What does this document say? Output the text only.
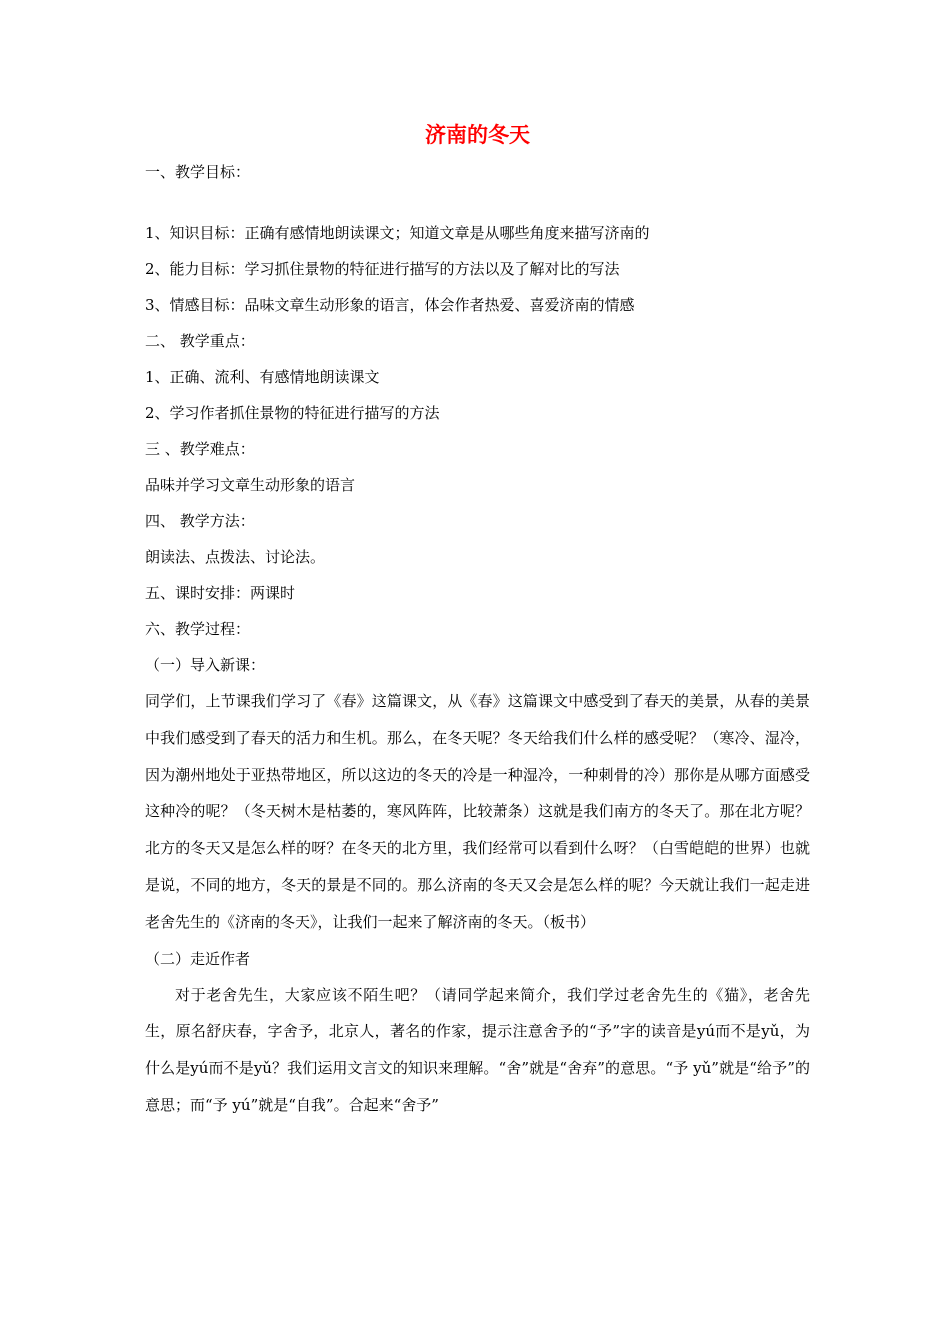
济南的冬天
一、教学目标：
1、知识目标：正确有感情地朗读课文；知道文章是从哪些角度来描写济南的
2、能力目标：学习抓住景物的特征进行描写的方法以及了解对比的写法
3、情感目标：品味文章生动形象的语言，体会作者热爱、喜爱济南的情感
二、 教学重点：
1、正确、流利、有感情地朗读课文
2、学习作者抓住景物的特征进行描写的方法
三 、教学难点：
品味并学习文章生动形象的语言
四、 教学方法：
朗读法、点拨法、讨论法。
五、课时安排：两课时
六、教学过程：
（一）导入新课：

同学们，上节课我们学习了《春》这篇课文，从《春》这篇课文中感受到了春天的美景，从春的美景中我们感受到了春天的活力和生机。那么，在冬天呢？冬天给我们什么样的感受呢？（寒冷、湿冷，因为潮州地处于亚热带地区，所以这边的冬天的冷是一种湿冷，一种刺骨的冷）那你是从哪方面感受这种冷的呢？（冬天树木是枯萎的，寒风阵阵，比较萧条）这就是我们南方的冬天了。那在北方呢？北方的冬天又是怎么样的呀？在冬天的北方里，我们经常可以看到什么呀？（白雪皑皑的世界）也就是说，不同的地方，冬天的景是不同的。那么济南的冬天又会是怎么样的呢？今天就让我们一起走进老舍先生的《济南的冬天》，让我们一起来了解济南的冬天。（板书）

（二）走近作者

对于老舍先生，大家应该不陌生吧？（请同学起来简介，我们学过老舍先生的《猫》，老舍先生，原名舒庆春，字舍予，北京人，著名的作家，提示注意舍予的“予”字的读音是yú而不是yǔ，为什么是yú而不是yǔ？我们运用文言文的知识来理解。“舍”就是“舍弃”的意思。“予 yǔ”就是“给予”的意思；而“予 yú”就是“自我”。合起来“舍予”
